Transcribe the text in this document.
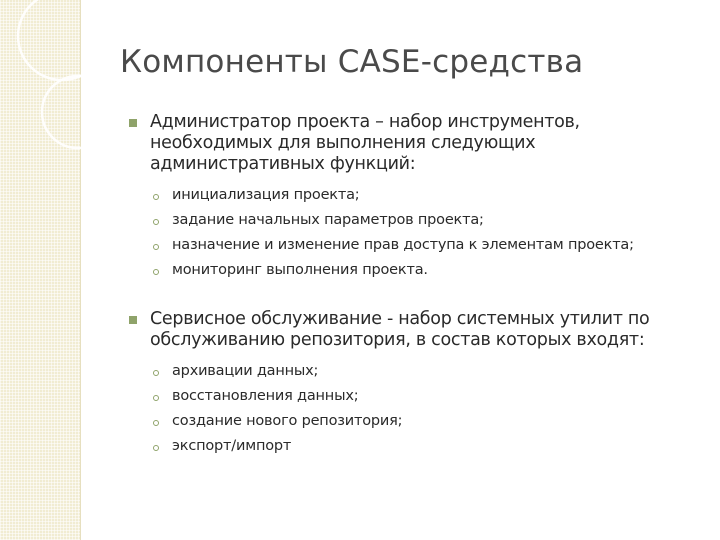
Компоненты CASE-средства
Администратор проекта – набор инструментов, необходимых для выполнения следующих административных функций:
инициализация проекта;
задание начальных параметров проекта;
назначение и изменение прав доступа к элементам проекта;
мониторинг выполнения проекта.
Сервисное обслуживание - набор системных утилит по обслуживанию репозитория, в состав которых входят:
архивации данных;
восстановления данных;
создание нового репозитория;
экспорт/импорт
